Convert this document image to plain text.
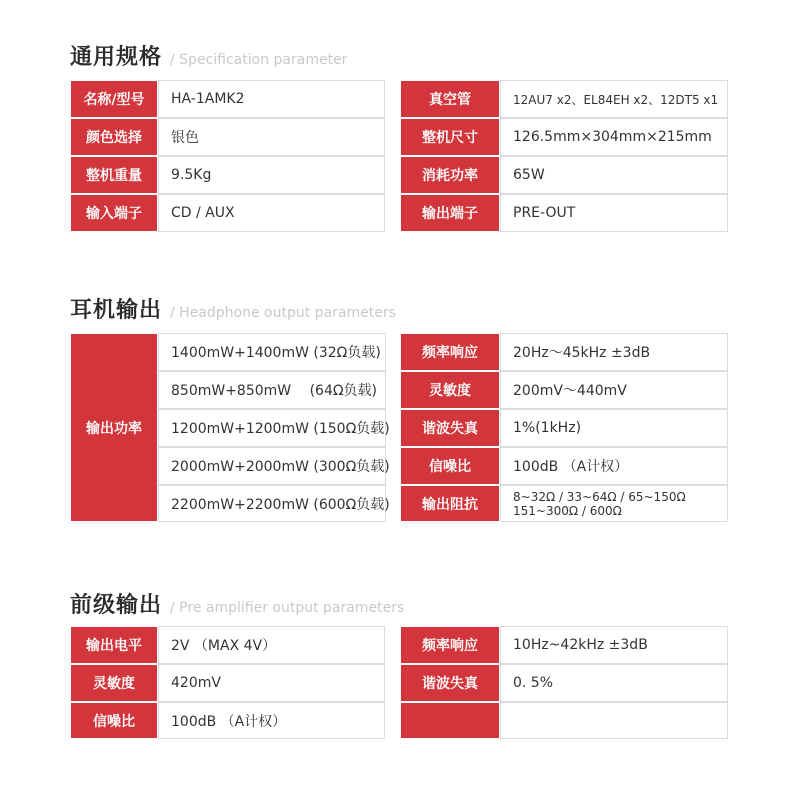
通用规格 / Specification parameter
名称/型号	HA-1AMK2
颜色选择	银色
整机重量	9.5Kg
输入端子	CD / AUX
真空管	12AU7 x2、EL84EH x2、12DT5 x1
整机尺寸	126.5mm×304mm×215mm
消耗功率	65W
输出端子	PRE-OUT
耳机输出 / Headphone output parameters
输出功率
1400mW+1400mW (32Ω负载)
850mW+850mW 　(64Ω负载)
1200mW+1200mW (150Ω负载)
2000mW+2000mW (300Ω负载)
2200mW+2200mW (600Ω负载)
频率响应	20Hz～45kHz ±3dB
灵敏度	200mV～440mV
谐波失真	1%(1kHz)
信噪比	100dB （A计权）
输出阻抗	8~32Ω / 33~64Ω / 65~150Ω
151~300Ω / 600Ω
前级输出 / Pre amplifier output parameters
输出电平	2V （MAX 4V）
灵敏度	420mV
信噪比	100dB （A计权）
频率响应	10Hz~42kHz ±3dB
谐波失真	0. 5%
